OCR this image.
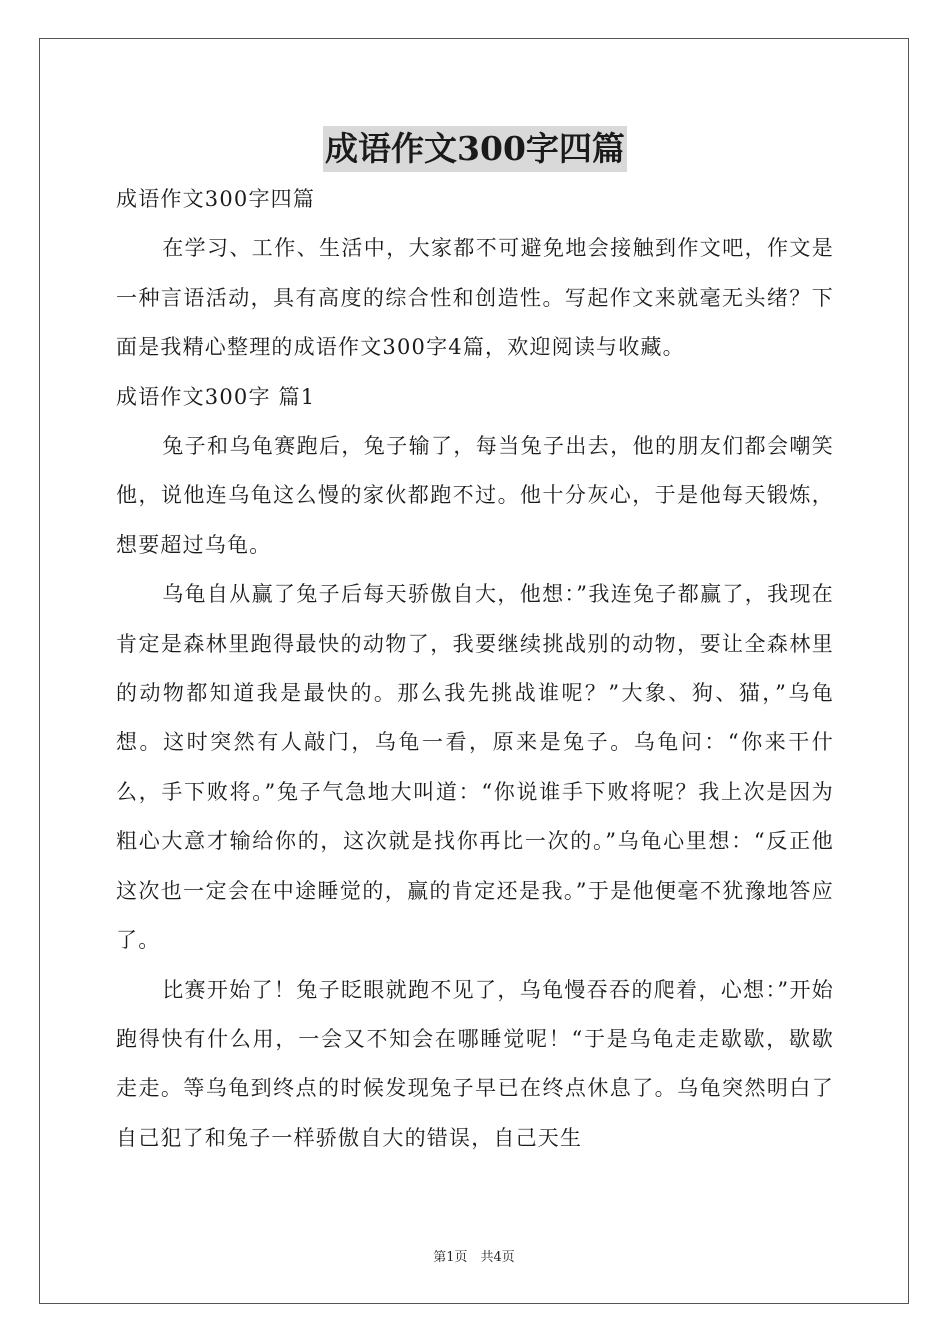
成语作文300字四篇

成语作文300字四篇

在学习、工作、生活中，大家都不可避免地会接触到作文吧，作文是一种言语活动，具有高度的综合性和创造性。写起作文来就毫无头绪？下面是我精心整理的成语作文300字4篇，欢迎阅读与收藏。

成语作文300字 篇1

兔子和乌龟赛跑后，兔子输了，每当兔子出去，他的朋友们都会嘲笑他，说他连乌龟这么慢的家伙都跑不过。他十分灰心，于是他每天锻炼，想要超过乌龟。

乌龟自从赢了兔子后每天骄傲自大，他想：”我连兔子都赢了，我现在肯定是森林里跑得最快的动物了，我要继续挑战别的动物，要让全森林里的动物都知道我是最快的。那么我先挑战谁呢？”大象、狗、猫，”乌龟想。这时突然有人敲门，乌龟一看，原来是兔子。乌龟问：“你来干什么，手下败将。”兔子气急地大叫道：“你说谁手下败将呢？我上次是因为粗心大意才输给你的，这次就是找你再比一次的。”乌龟心里想：“反正他这次也一定会在中途睡觉的，赢的肯定还是我。”于是他便毫不犹豫地答应了。

比赛开始了！兔子眨眼就跑不见了，乌龟慢吞吞的爬着，心想：”开始跑得快有什么用，一会又不知会在哪睡觉呢！“于是乌龟走走歇歇，歇歇走走。等乌龟到终点的时候发现兔子早已在终点休息了。乌龟突然明白了自己犯了和兔子一样骄傲自大的错误，自己天生

第1页　共4页
